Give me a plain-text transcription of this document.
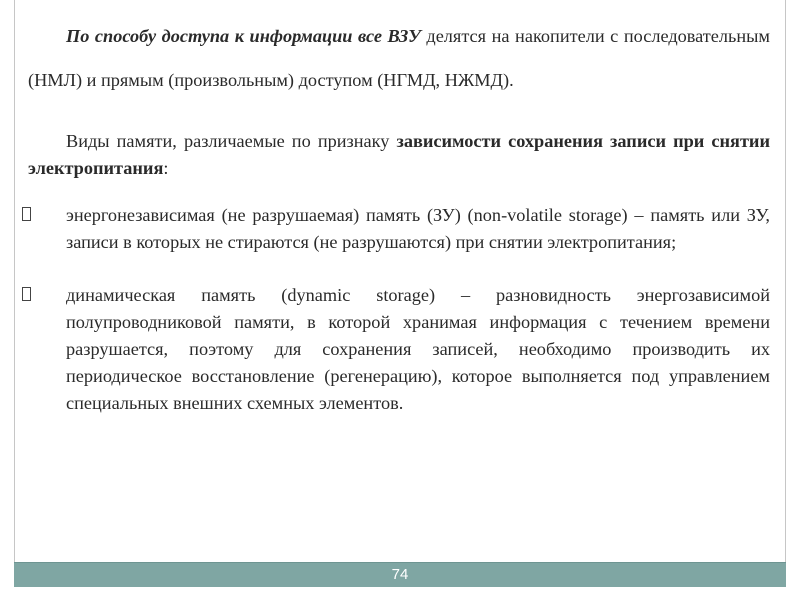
По способу доступа к информации все ВЗУ делятся на накопители с последовательным (НМЛ) и прямым (произвольным) доступом (НГМД, НЖМД).

Виды памяти, различаемые по признаку зависимости сохранения записи при снятии электропитания:

энергонезависимая (не разрушаемая) память (ЗУ) (non-volatile storage) – память или ЗУ, записи в которых не стираются (не разрушаются) при снятии электропитания;
динамическая память (dynamic storage) – разновидность энергозависимой полупроводниковой памяти, в которой хранимая информация с течением времени разрушается, поэтому для сохранения записей, необходимо производить их периодическое восстановление (регенерацию), которое выполняется под управлением специальных внешних схемных элементов.
74
